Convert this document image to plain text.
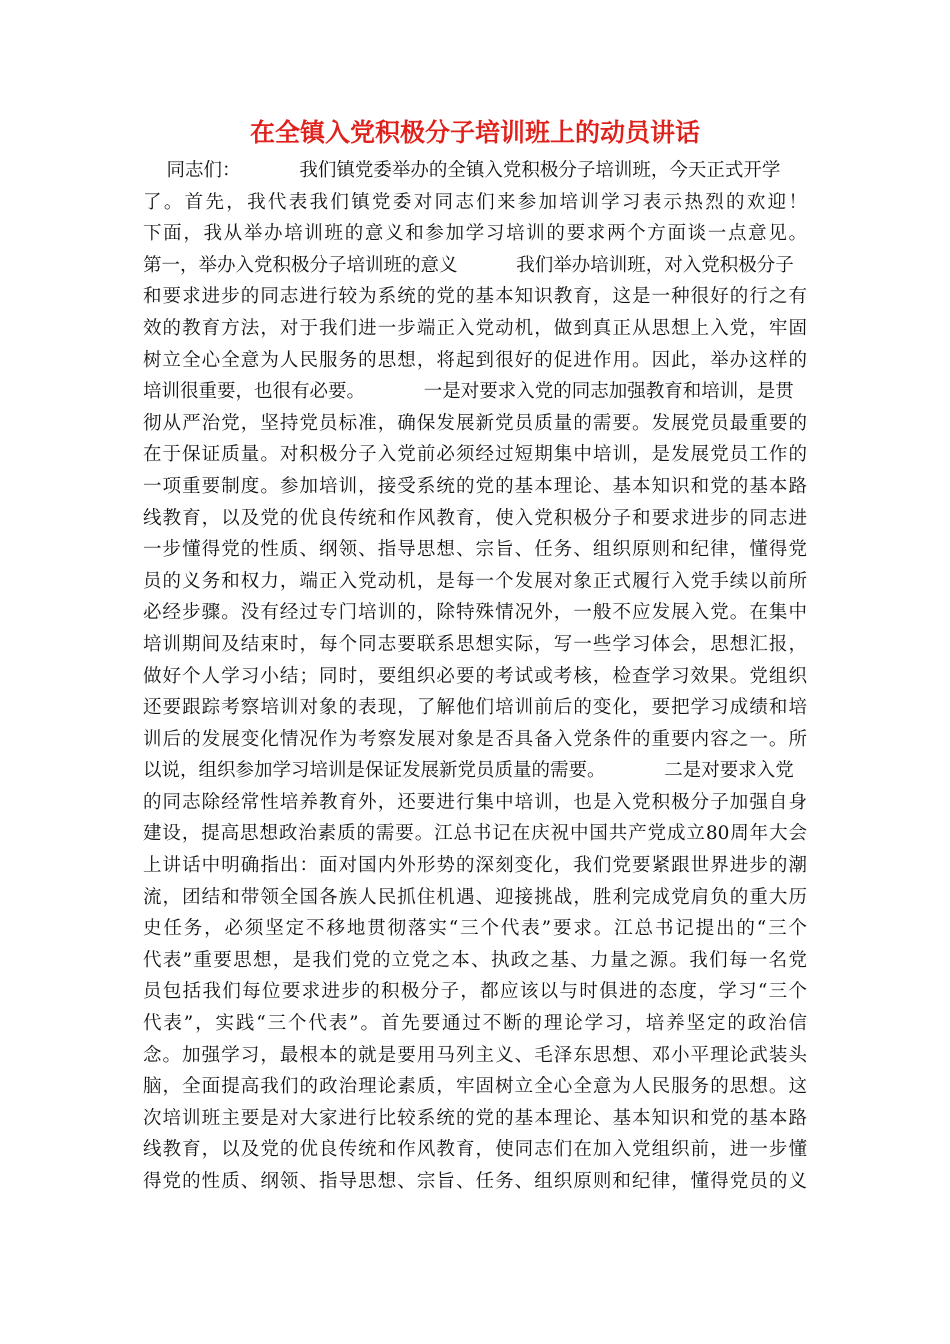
在全镇入党积极分子培训班上的动员讲话
同志们：          我们镇党委举办的全镇入党积极分子培训班，今天正式开学
了。首先，我代表我们镇党委对同志们来参加培训学习表示热烈的欢迎！
下面，我从举办培训班的意义和参加学习培训的要求两个方面谈一点意见。
第一，举办入党积极分子培训班的意义          我们举办培训班，对入党积极分子
和要求进步的同志进行较为系统的党的基本知识教育，这是一种很好的行之有
效的教育方法，对于我们进一步端正入党动机，做到真正从思想上入党，牢固
树立全心全意为人民服务的思想，将起到很好的促进作用。因此，举办这样的
培训很重要，也很有必要。          一是对要求入党的同志加强教育和培训，是贯
彻从严治党，坚持党员标准，确保发展新党员质量的需要。发展党员最重要的
在于保证质量。对积极分子入党前必须经过短期集中培训，是发展党员工作的
一项重要制度。参加培训，接受系统的党的基本理论、基本知识和党的基本路
线教育，以及党的优良传统和作风教育，使入党积极分子和要求进步的同志进
一步懂得党的性质、纲领、指导思想、宗旨、任务、组织原则和纪律，懂得党
员的义务和权力，端正入党动机，是每一个发展对象正式履行入党手续以前所
必经步骤。没有经过专门培训的，除特殊情况外，一般不应发展入党。在集中
培训期间及结束时，每个同志要联系思想实际，写一些学习体会，思想汇报，
做好个人学习小结；同时，要组织必要的考试或考核，检查学习效果。党组织
还要跟踪考察培训对象的表现，了解他们培训前后的变化，要把学习成绩和培
训后的发展变化情况作为考察发展对象是否具备入党条件的重要内容之一。所
以说，组织参加学习培训是保证发展新党员质量的需要。          二是对要求入党
的同志除经常性培养教育外，还要进行集中培训，也是入党积极分子加强自身
建设，提高思想政治素质的需要。江总书记在庆祝中国共产党成立80周年大会
上讲话中明确指出：面对国内外形势的深刻变化，我们党要紧跟世界进步的潮
流，团结和带领全国各族人民抓住机遇、迎接挑战，胜利完成党肩负的重大历
史任务，必须坚定不移地贯彻落实“三个代表”要求。江总书记提出的“三个
代表”重要思想，是我们党的立党之本、执政之基、力量之源。我们每一名党
员包括我们每位要求进步的积极分子，都应该以与时俱进的态度，学习“三个
代表”，实践“三个代表”。首先要通过不断的理论学习，培养坚定的政治信
念。加强学习，最根本的就是要用马列主义、毛泽东思想、邓小平理论武装头
脑，全面提高我们的政治理论素质，牢固树立全心全意为人民服务的思想。这
次培训班主要是对大家进行比较系统的党的基本理论、基本知识和党的基本路
线教育，以及党的优良传统和作风教育，使同志们在加入党组织前，进一步懂
得党的性质、纲领、指导思想、宗旨、任务、组织原则和纪律，懂得党员的义
